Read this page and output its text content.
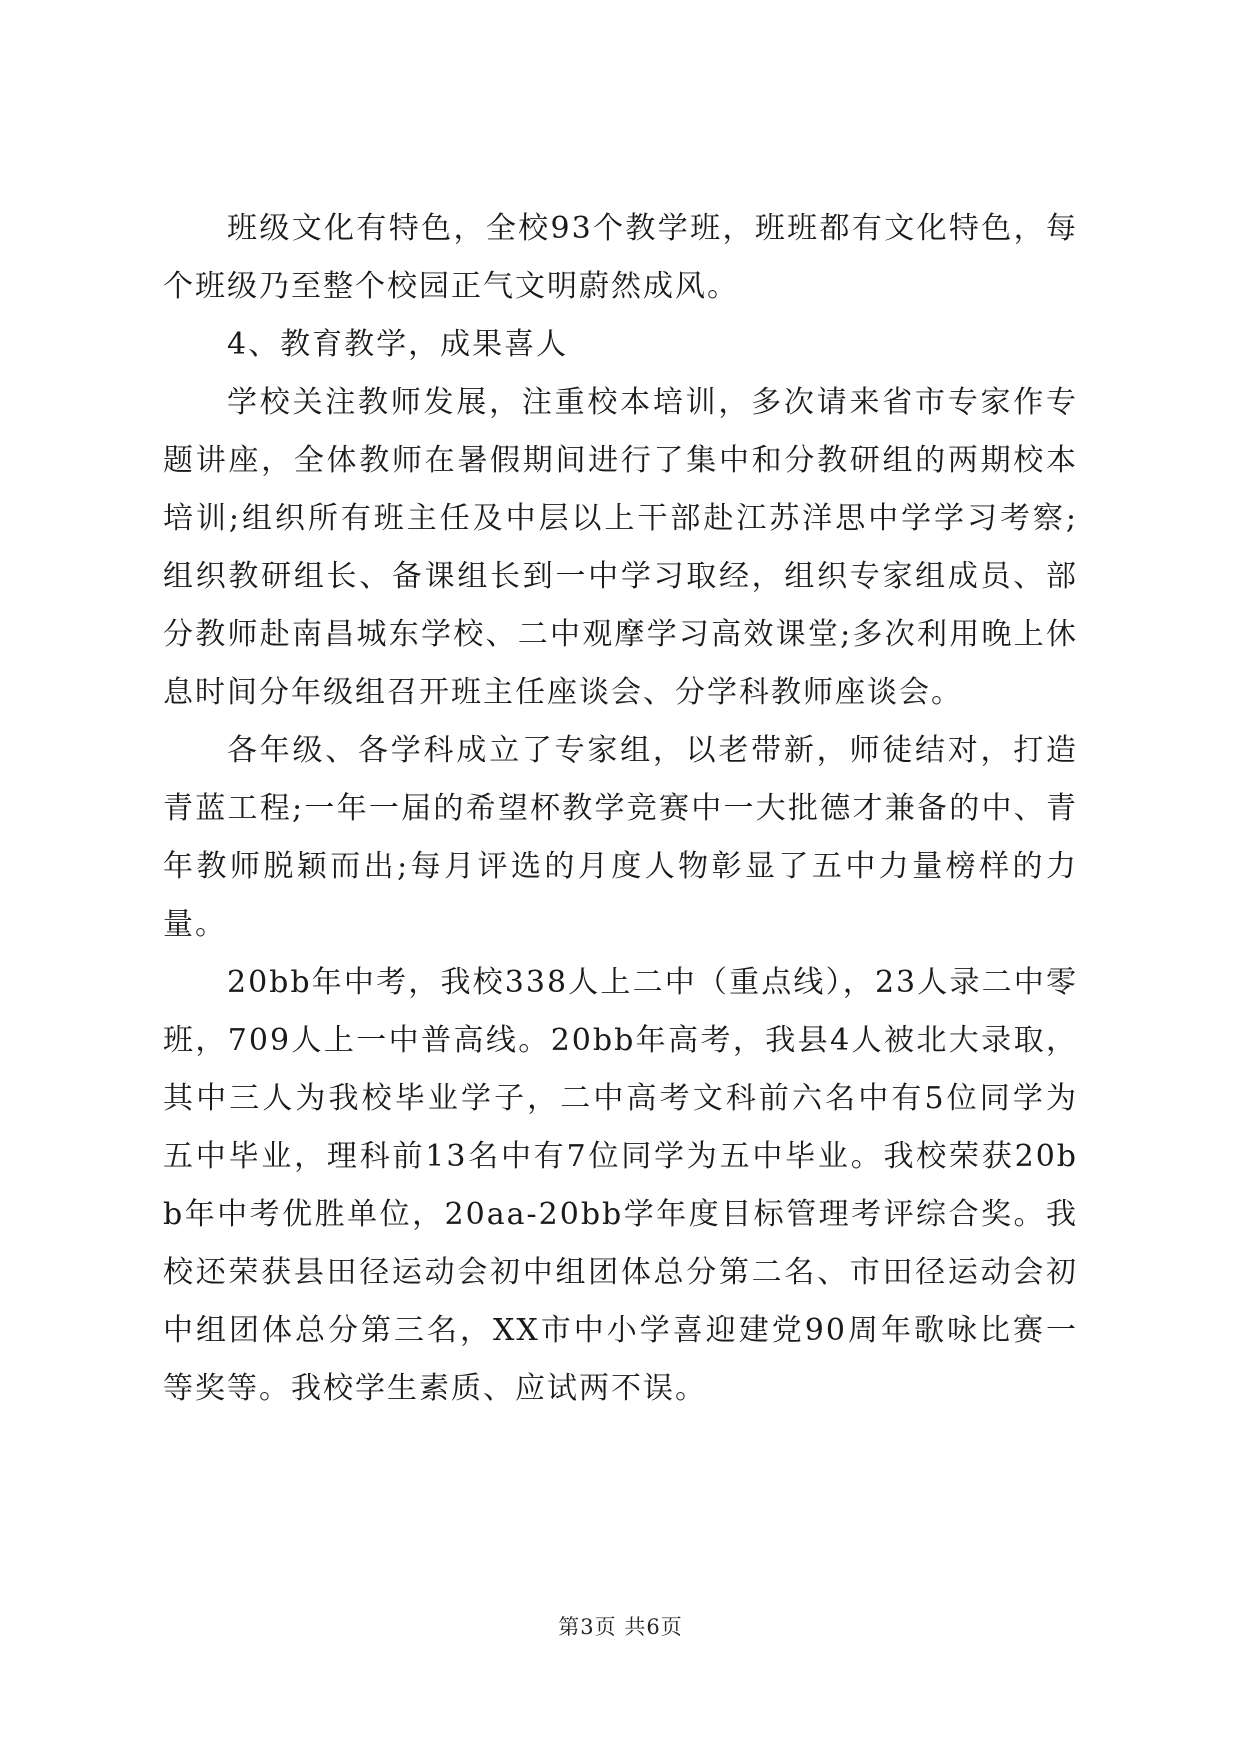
班级文化有特色，全校93个教学班，班班都有文化特色，每个班级乃至整个校园正气文明蔚然成风。

4、教育教学，成果喜人

学校关注教师发展，注重校本培训，多次请来省市专家作专题讲座，全体教师在暑假期间进行了集中和分教研组的两期校本培训;组织所有班主任及中层以上干部赴江苏洋思中学学习考察;组织教研组长、备课组长到一中学习取经，组织专家组成员、部分教师赴南昌城东学校、二中观摩学习高效课堂;多次利用晚上休息时间分年级组召开班主任座谈会、分学科教师座谈会。

各年级、各学科成立了专家组，以老带新，师徒结对，打造青蓝工程;一年一届的希望杯教学竞赛中一大批德才兼备的中、青年教师脱颖而出;每月评选的月度人物彰显了五中力量榜样的力量。

20bb年中考，我校338人上二中（重点线），23人录二中零班，709人上一中普高线。20bb年高考，我县4人被北大录取，其中三人为我校毕业学子，二中高考文科前六名中有5位同学为五中毕业，理科前13名中有7位同学为五中毕业。我校荣获20bb年中考优胜单位，20aa-20bb学年度目标管理考评综合奖。我校还荣获县田径运动会初中组团体总分第二名、市田径运动会初中组团体总分第三名，XX市中小学喜迎建党90周年歌咏比赛一等奖等。我校学生素质、应试两不误。

第3页 共6页
